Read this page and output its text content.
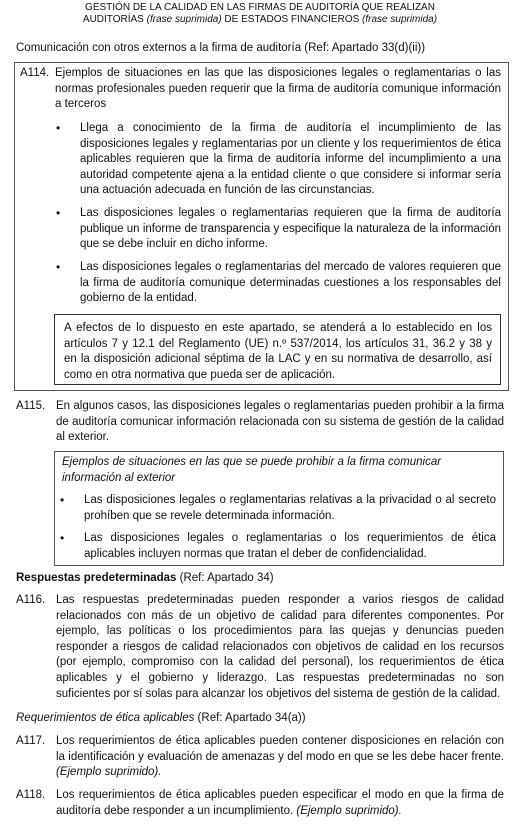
GESTIÓN DE LA CALIDAD EN LAS FIRMAS DE AUDITORÍA QUE REALIZAN
AUDITORÍAS (frase suprimida) DE ESTADOS FINANCIEROS (frase suprimida)
Comunicación con otros externos a la firma de auditoría (Ref: Apartado 33(d)(ii))
A114. Ejemplos de situaciones en las que las disposiciones legales o reglamentarias o las normas profesionales pueden requerir que la firma de auditoría comunique información a terceros
•	Llega a conocimiento de la firma de auditoría el incumplimiento de las disposiciones legales y reglamentarias por un cliente y los requerimientos de ética aplicables requieren que la firma de auditoría informe del incumplimiento a una autoridad competente ajena a la entidad cliente o que considere si informar sería una actuación adecuada en función de las circunstancias.
•	Las disposiciones legales o reglamentarias requieren que la firma de auditoría publique un informe de transparencia y especifique la naturaleza de la información que se debe incluir en dicho informe.
•	Las disposiciones legales o reglamentarias del mercado de valores requieren que la firma de auditoría comunique determinadas cuestiones a los responsables del gobierno de la entidad.
A efectos de lo dispuesto en este apartado, se atenderá a lo establecido en los artículos 7 y 12.1 del Reglamento (UE) n.º 537/2014, los artículos 31, 36.2 y 38 y en la disposición adicional séptima de la LAC y en su normativa de desarrollo, así como en otra normativa que pueda ser de aplicación.
A115. En algunos casos, las disposiciones legales o reglamentarias pueden prohibir a la firma de auditoría comunicar información relacionada con su sistema de gestión de la calidad al exterior.
Ejemplos de situaciones en las que se puede prohibir a la firma comunicar información al exterior
•	Las disposiciones legales o reglamentarias relativas a la privacidad o al secreto prohíben que se revele determinada información.
•	Las disposiciones legales o reglamentarias o los requerimientos de ética aplicables incluyen normas que tratan el deber de confidencialidad.
Respuestas predeterminadas (Ref: Apartado 34)
A116. Las respuestas predeterminadas pueden responder a varios riesgos de calidad relacionados con más de un objetivo de calidad para diferentes componentes. Por ejemplo, las políticas o los procedimientos para las quejas y denuncias pueden responder a riesgos de calidad relacionados con objetivos de calidad en los recursos (por ejemplo, compromiso con la calidad del personal), los requerimientos de ética aplicables y el gobierno y liderazgo. Las respuestas predeterminadas no son suficientes por sí solas para alcanzar los objetivos del sistema de gestión de la calidad.
Requerimientos de ética aplicables (Ref: Apartado 34(a))
A117. Los requerimientos de ética aplicables pueden contener disposiciones en relación con la identificación y evaluación de amenazas y del modo en que se les debe hacer frente. (Ejemplo suprimido).
A118. Los requerimientos de ética aplicables pueden especificar el modo en que la firma de auditoría debe responder a un incumplimiento. (Ejemplo suprimido).
